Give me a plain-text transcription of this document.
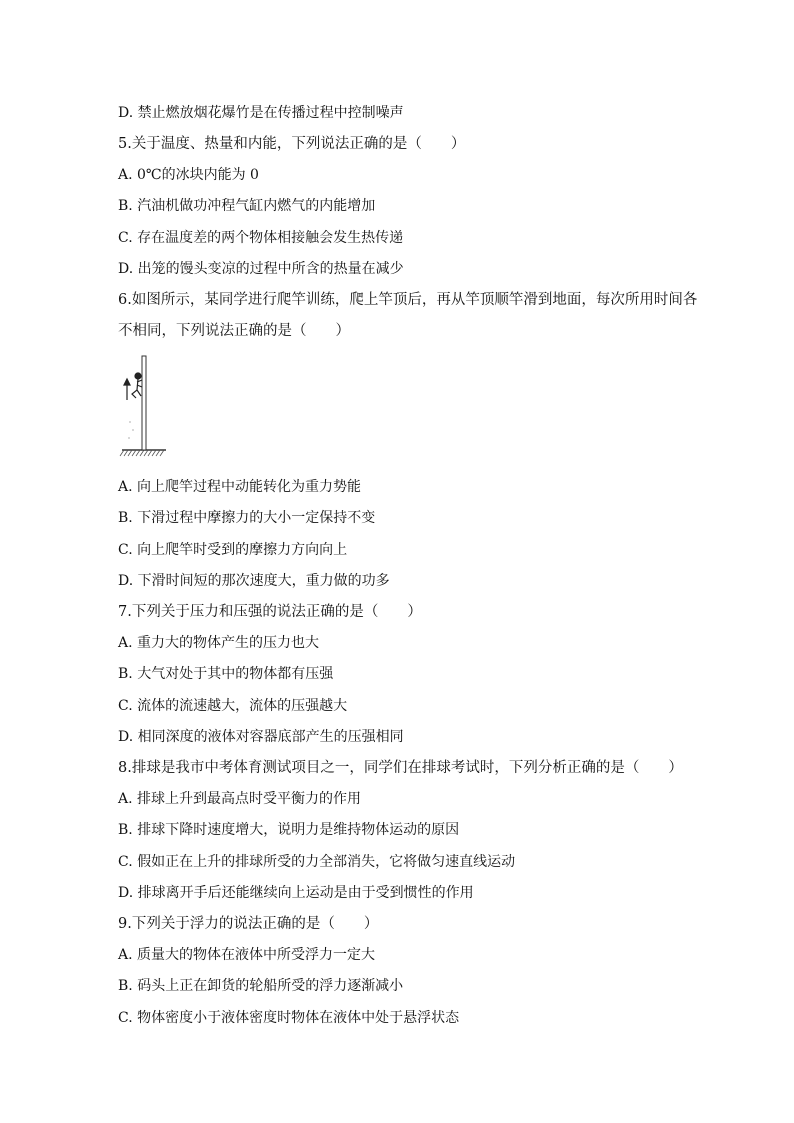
D. 禁止燃放烟花爆竹是在传播过程中控制噪声
5.关于温度、热量和内能，下列说法正确的是（　　）
A. 0℃的冰块内能为 0
B. 汽油机做功冲程气缸内燃气的内能增加
C. 存在温度差的两个物体相接触会发生热传递
D. 出笼的馒头变凉的过程中所含的热量在减少
6.如图所示，某同学进行爬竿训练，爬上竿顶后，再从竿顶顺竿滑到地面，每次所用时间各
不相同，下列说法正确的是（　　）
A. 向上爬竿过程中动能转化为重力势能
B. 下滑过程中摩擦力的大小一定保持不变
C. 向上爬竿时受到的摩擦力方向向上
D. 下滑时间短的那次速度大，重力做的功多
7.下列关于压力和压强的说法正确的是（　　）
A. 重力大的物体产生的压力也大
B. 大气对处于其中的物体都有压强
C. 流体的流速越大，流体的压强越大
D. 相同深度的液体对容器底部产生的压强相同
8.排球是我市中考体育测试项目之一，同学们在排球考试时，下列分析正确的是（　　）
A. 排球上升到最高点时受平衡力的作用
B. 排球下降时速度增大，说明力是维持物体运动的原因
C. 假如正在上升的排球所受的力全部消失，它将做匀速直线运动
D. 排球离开手后还能继续向上运动是由于受到惯性的作用
9.下列关于浮力的说法正确的是（　　）
A. 质量大的物体在液体中所受浮力一定大
B. 码头上正在卸货的轮船所受的浮力逐渐减小
C. 物体密度小于液体密度时物体在液体中处于悬浮状态
